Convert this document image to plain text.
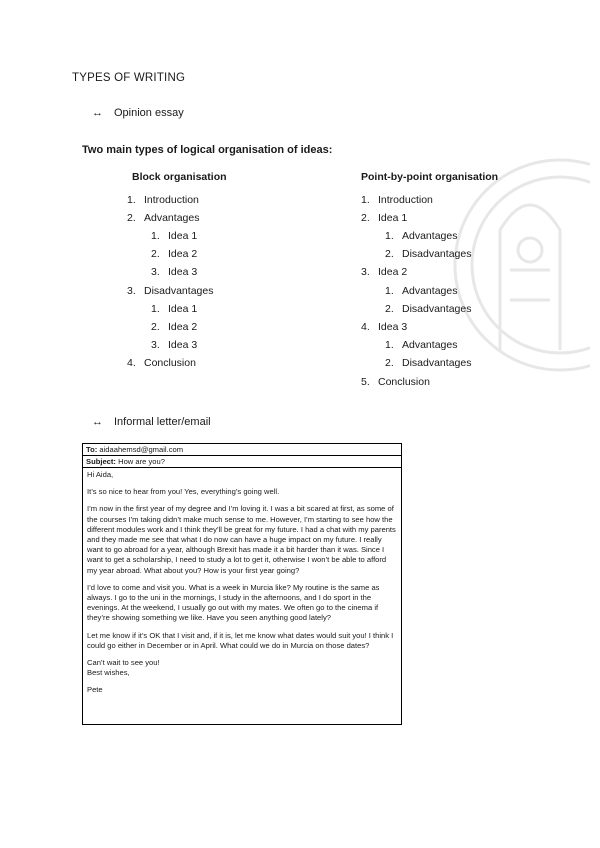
TYPES OF WRITING
↔ Opinion essay
Two main types of logical organisation of ideas:
Block organisation	Point-by-point organisation
1. Introduction
2. Advantages
1. Idea 1
2. Idea 2
3. Idea 3
3. Disadvantages
1. Idea 1
2. Idea 2
3. Idea 3
4. Conclusion
1. Introduction
2. Idea 1
1. Advantages
2. Disadvantages
3. Idea 2
1. Advantages
2. Disadvantages
4. Idea 3
1. Advantages
2. Disadvantages
5. Conclusion
↔ Informal letter/email
To: aidaahemsd@gmail.com
Subject: How are you?

Hi Aida,

It’s so nice to hear from you! Yes, everything’s going well.

I’m now in the first year of my degree and I’m loving it. I was a bit scared at first, as some of the courses I’m taking didn’t make much sense to me. However, I’m starting to see how the different modules work and I think they’ll be great for my future. I had a chat with my parents and they made me see that what I do now can have a huge impact on my future. I really want to go abroad for a year, although Brexit has made it a bit harder than it was. Since I want to get a scholarship, I need to study a lot to get it, otherwise I won’t be able to afford my year abroad. What about you? How is your first year going?

I’d love to come and visit you. What is a week in Murcia like? My routine is the same as always. I go to the uni in the mornings, I study in the afternoons, and I do sport in the evenings. At the weekend, I usually go out with my mates. We often go to the cinema if they’re showing something we like. Have you seen anything good lately?

Let me know if it’s OK that I visit and, if it is, let me know what dates would suit you! I think I could go either in December or in April. What could we do in Murcia on those dates?

Can’t wait to see you!

Best wishes,

Pete
